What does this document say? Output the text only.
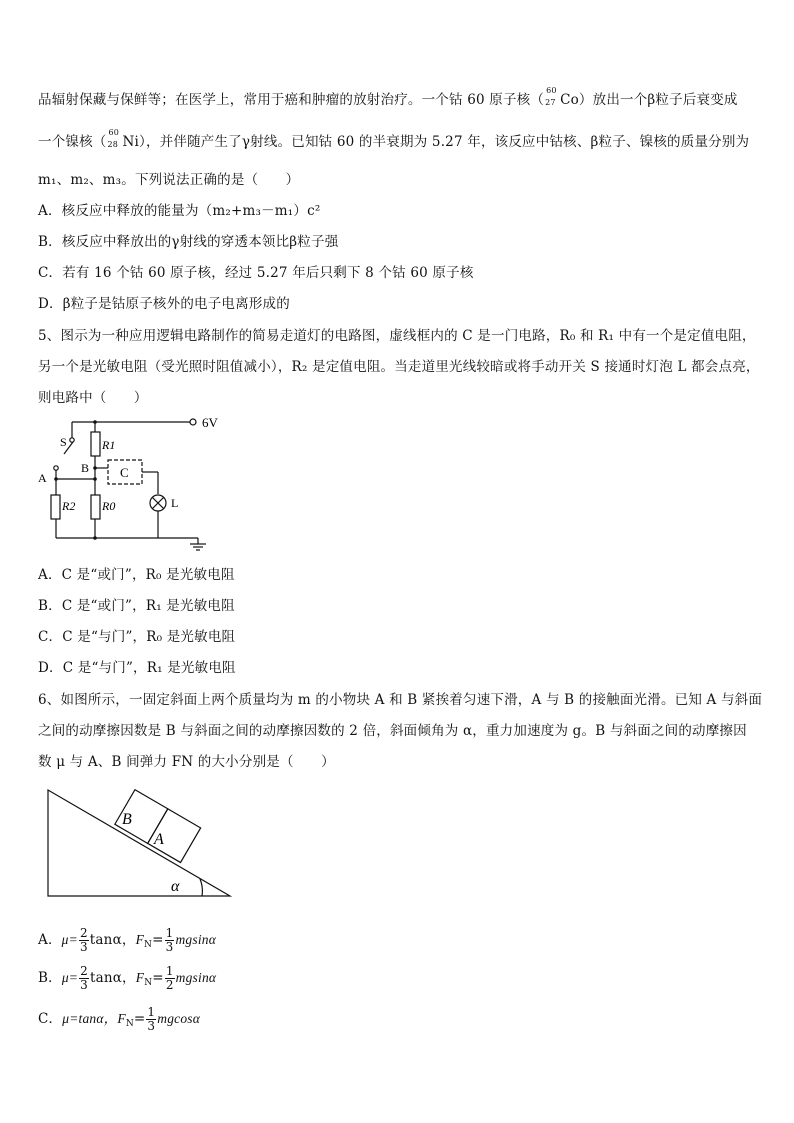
品辐射保藏与保鲜等；在医学上，常用于癌和肿瘤的放射治疗。一个钴 60 原子核（
60
27 Co）放出一个β粒子后衰变成
一个镍核（
60
28 Ni），并伴随产生了γ射线。已知钴 60 的半衰期为 5.27 年，该反应中钴核、β粒子、镍核的质量分别为
m₁、m₂、m₃。下列说法正确的是（　　）
A．核反应中释放的能量为（m₂+m₃－m₁）c²
B．核反应中释放出的γ射线的穿透本领比β粒子强
C．若有 16 个钴 60 原子核，经过 5.27 年后只剩下 8 个钴 60 原子核
D．β粒子是钴原子核外的电子电离形成的
5、图示为一种应用逻辑电路制作的简易走道灯的电路图，虚线框内的 C 是一门电路，R₀ 和 R₁ 中有一个是定值电阻，
另一个是光敏电阻（受光照时阻值减小），R₂ 是定值电阻。当走道里光线较暗或将手动开关 S 接通时灯泡 L 都会点亮，
则电路中（　　）
6V
S
A
B C
R1
R0
R2	L
A．C 是“或门”，R₀ 是光敏电阻
B．C 是“或门”，R₁ 是光敏电阻
C．C 是“与门”，R₀ 是光敏电阻
D．C 是“与门”，R₁ 是光敏电阻
6、如图所示，一固定斜面上两个质量均为 m 的小物块 A 和 B 紧挨着匀速下滑，A 与 B 的接触面光滑。已知 A 与斜面
之间的动摩擦因数是 B 与斜面之间的动摩擦因数的 2 倍，斜面倾角为 α，重力加速度为 g。B 与斜面之间的动摩擦因
数 μ 与 A、B 间弹力 FN 的大小分别是（　　）
B
A
α
A．$\mu= \frac{2}{3}$ tanα，$F_N= \frac{1}{3}$ mgsinα
B．$\mu= \frac{2}{3}$ tanα，$F_N= \frac{1}{2}$ mgsinα
C．μ=tanα，$F_N= \frac{1}{3}$ mgcosα
